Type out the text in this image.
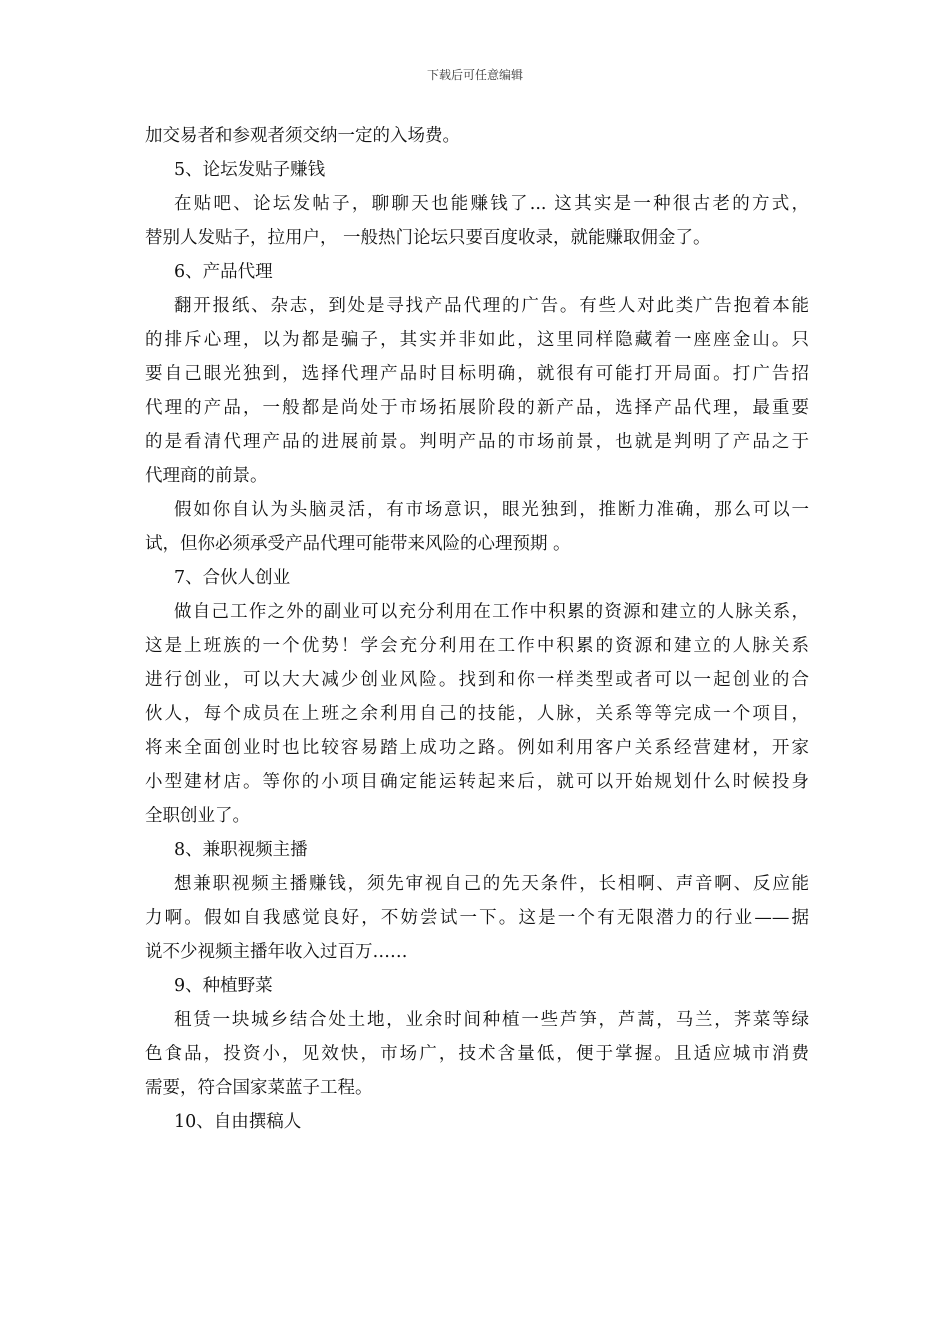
下载后可任意编辑
加交易者和参观者须交纳一定的入场费。
5、论坛发贴子赚钱
在贴吧、论坛发帖子，聊聊天也能赚钱了... 这其实是一种很古老的方式，
替别人发贴子，拉用户， 一般热门论坛只要百度收录，就能赚取佣金了。
6、产品代理
翻开报纸、杂志，到处是寻找产品代理的广告。有些人对此类广告抱着本能
的排斥心理，以为都是骗子，其实并非如此，这里同样隐藏着一座座金山。只
要自己眼光独到，选择代理产品时目标明确，就很有可能打开局面。打广告招
代理的产品，一般都是尚处于市场拓展阶段的新产品，选择产品代理，最重要
的是看清代理产品的进展前景。判明产品的市场前景，也就是判明了产品之于
代理商的前景。
假如你自认为头脑灵活，有市场意识，眼光独到，推断力准确，那么可以一
试，但你必须承受产品代理可能带来风险的心理预期 。
7、合伙人创业
做自己工作之外的副业可以充分利用在工作中积累的资源和建立的人脉关系，
这是上班族的一个优势！学会充分利用在工作中积累的资源和建立的人脉关系
进行创业，可以大大减少创业风险。找到和你一样类型或者可以一起创业的合
伙人，每个成员在上班之余利用自己的技能，人脉，关系等等完成一个项目，
将来全面创业时也比较容易踏上成功之路。例如利用客户关系经营建材，开家
小型建材店。等你的小项目确定能运转起来后，就可以开始规划什么时候投身
全职创业了。
8、兼职视频主播
想兼职视频主播赚钱，须先审视自己的先天条件，长相啊、声音啊、反应能
力啊。假如自我感觉良好，不妨尝试一下。这是一个有无限潜力的行业——据
说不少视频主播年收入过百万……
9、种植野菜
租赁一块城乡结合处土地，业余时间种植一些芦笋，芦蒿，马兰，荠菜等绿
色食品，投资小，见效快，市场广，技术含量低，便于掌握。且适应城市消费
需要，符合国家菜蓝子工程。
10、自由撰稿人
